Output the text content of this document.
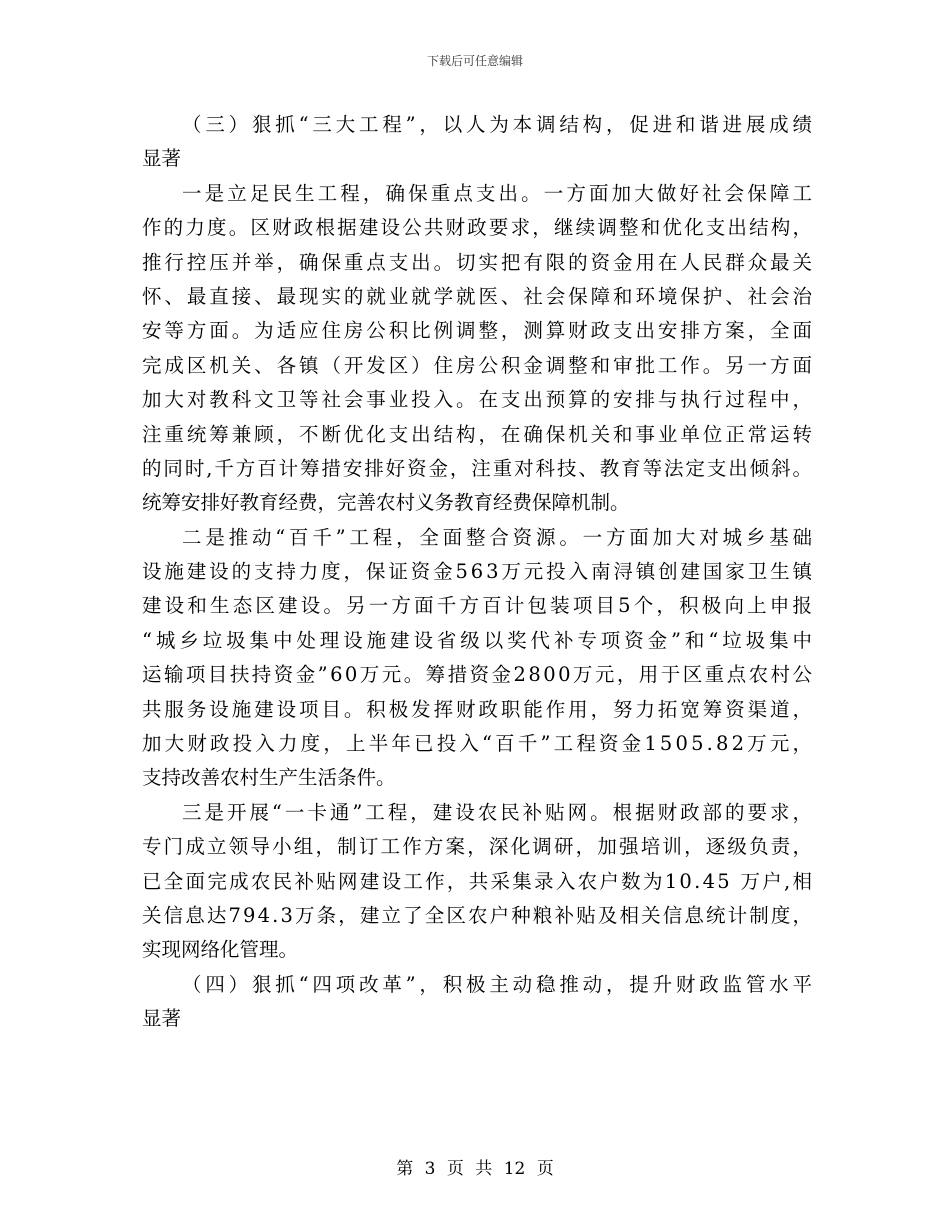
下载后可任意编辑
（三）狠抓“三大工程”，以人为本调结构，促进和谐进展成绩
显著
一是立足民生工程，确保重点支出。一方面加大做好社会保障工
作的力度。区财政根据建设公共财政要求，继续调整和优化支出结构，
推行控压并举，确保重点支出。切实把有限的资金用在人民群众最关
怀、最直接、最现实的就业就学就医、社会保障和环境保护、社会治
安等方面。为适应住房公积比例调整，测算财政支出安排方案，全面
完成区机关、各镇（开发区）住房公积金调整和审批工作。另一方面
加大对教科文卫等社会事业投入。在支出预算的安排与执行过程中，
注重统筹兼顾，不断优化支出结构，在确保机关和事业单位正常运转
的同时,千方百计筹措安排好资金，注重对科技、教育等法定支出倾斜。
统筹安排好教育经费，完善农村义务教育经费保障机制。
二是推动“百千”工程，全面整合资源。一方面加大对城乡基础
设施建设的支持力度，保证资金563万元投入南浔镇创建国家卫生镇
建设和生态区建设。另一方面千方百计包装项目5个，积极向上申报
“城乡垃圾集中处理设施建设省级以奖代补专项资金”和“垃圾集中
运输项目扶持资金”60万元。筹措资金2800万元，用于区重点农村公
共服务设施建设项目。积极发挥财政职能作用，努力拓宽筹资渠道，
加大财政投入力度，上半年已投入“百千”工程资金1505.82万元，
支持改善农村生产生活条件。
三是开展“一卡通”工程，建设农民补贴网。根据财政部的要求，
专门成立领导小组，制订工作方案，深化调研，加强培训，逐级负责，
已全面完成农民补贴网建设工作，共采集录入农户数为10.45 万户,相
关信息达794.3万条，建立了全区农户种粮补贴及相关信息统计制度，
实现网络化管理。
（四）狠抓“四项改革”，积极主动稳推动，提升财政监管水平
显著
第 3 页 共 12 页
